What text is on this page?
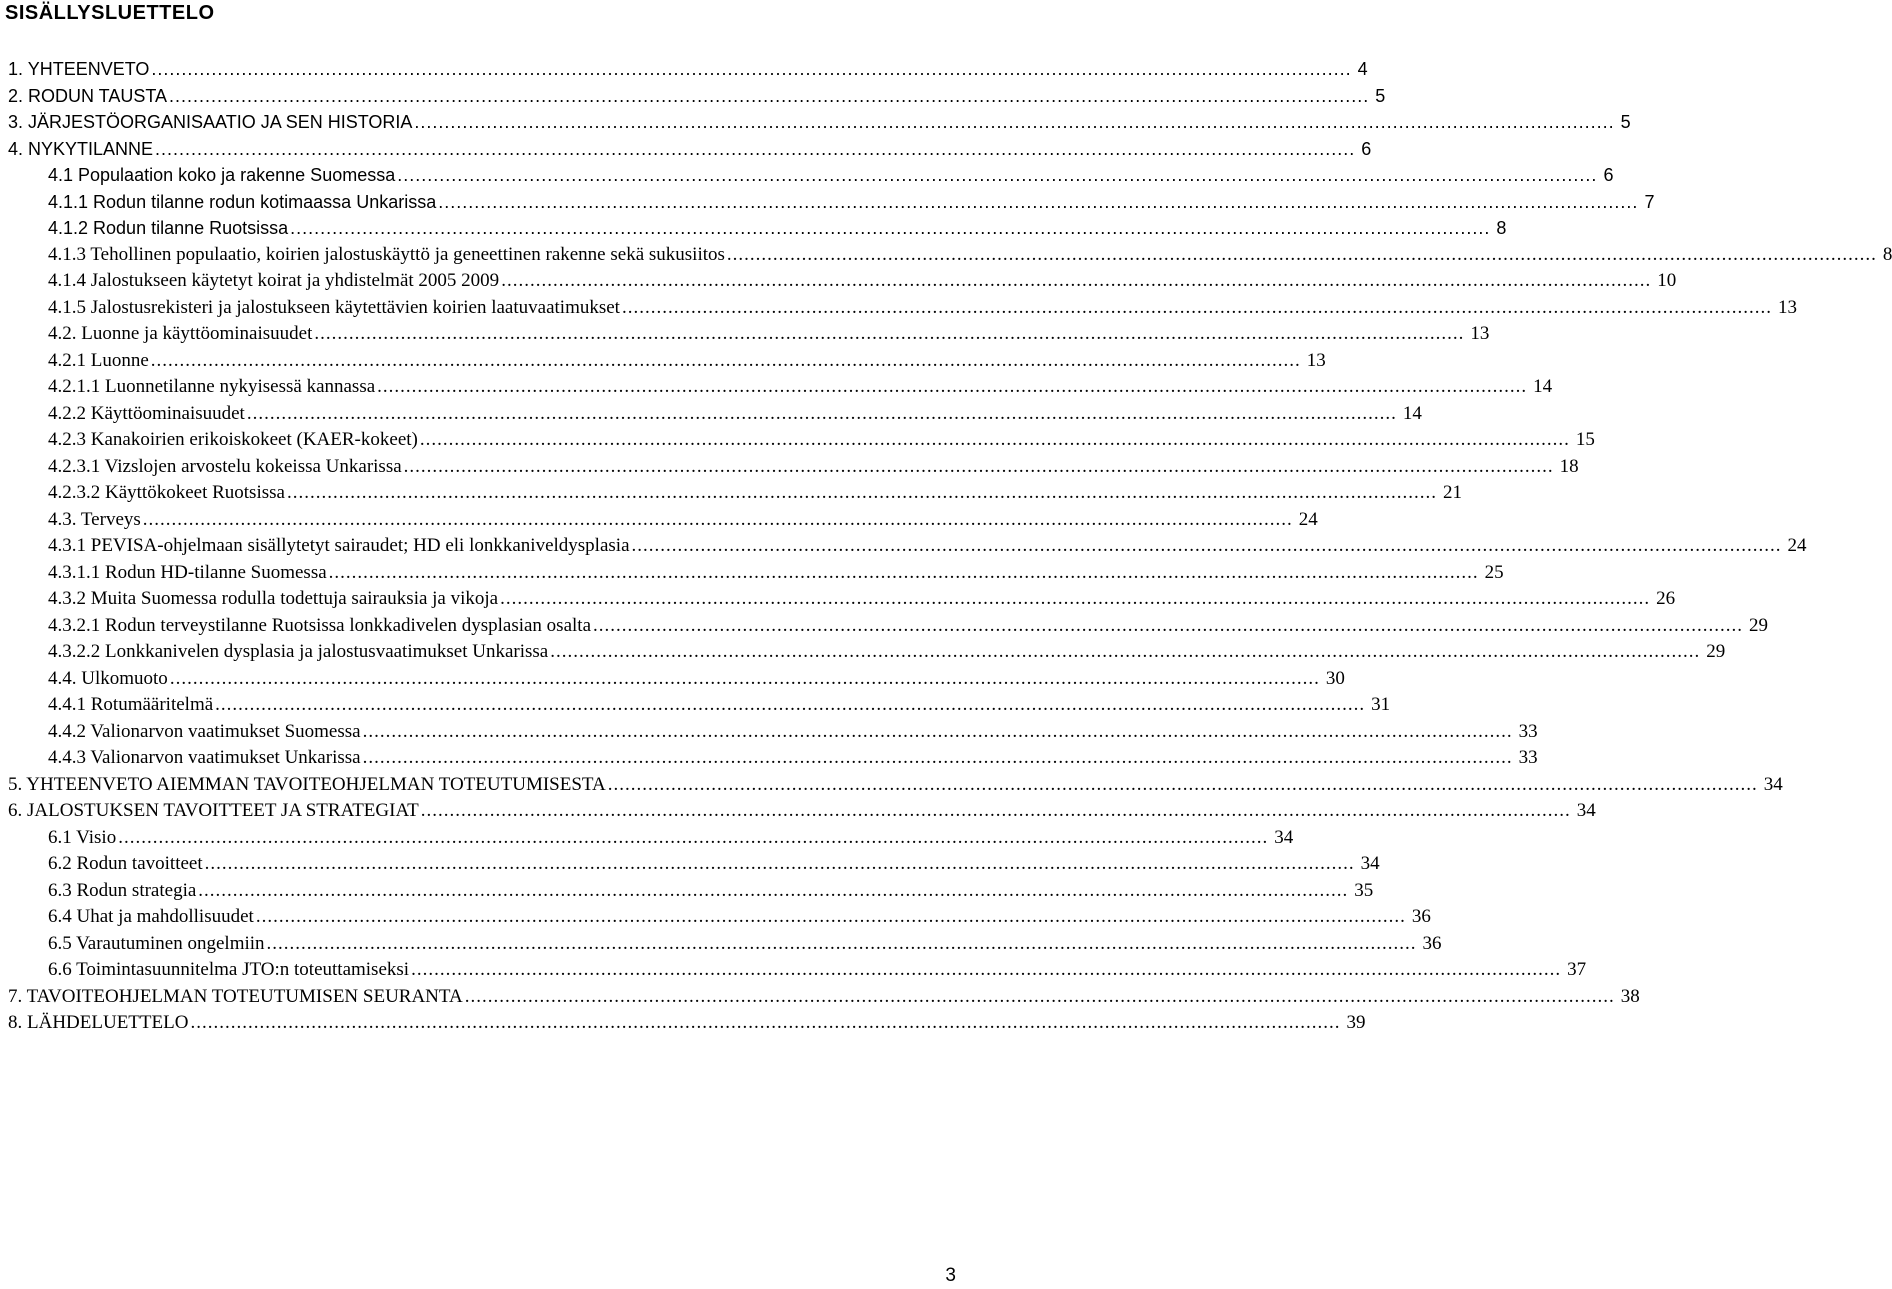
SISÄLLYSLUETTELO
1. YHTEENVETO ........................................................................................................................................................................................................ 4
2. RODUN TAUSTA ........................................................................................................................................................................................................ 5
3. JÄRJESTÖORGANISAATIO JA SEN HISTORIA ........................................................................................................................................................................................................ 5
4. NYKYTILANNE ........................................................................................................................................................................................................ 6
4.1 Populaation koko ja rakenne Suomessa ........................................................................................................................................................................................................ 6
4.1.1 Rodun tilanne rodun kotimaassa Unkarissa ........................................................................................................................................................................................................ 7
4.1.2 Rodun tilanne Ruotsissa ........................................................................................................................................................................................................ 8
4.1.3 Tehollinen populaatio, koirien jalostuskäyttö ja geneettinen rakenne sekä sukusiitos ........................................................................................................................................................................................................ 8
4.1.4 Jalostukseen käytetyt koirat ja yhdistelmät 2005 2009 ........................................................................................................................................................................................................ 10
4.1.5 Jalostusrekisteri ja jalostukseen käytettävien koirien laatuvaatimukset ........................................................................................................................................................................................................ 13
4.2. Luonne ja käyttöominaisuudet ........................................................................................................................................................................................................ 13
4.2.1 Luonne ........................................................................................................................................................................................................ 13
4.2.1.1 Luonnetilanne nykyisessä kannassa ........................................................................................................................................................................................................ 14
4.2.2 Käyttöominaisuudet ........................................................................................................................................................................................................ 14
4.2.3 Kanakoirien erikoiskokeet (KAER-kokeet) ........................................................................................................................................................................................................ 15
4.2.3.1 Vizslojen arvostelu kokeissa Unkarissa ........................................................................................................................................................................................................ 18
4.2.3.2 Käyttökokeet Ruotsissa ........................................................................................................................................................................................................ 21
4.3. Terveys ........................................................................................................................................................................................................ 24
4.3.1 PEVISA-ohjelmaan sisällytetyt sairaudet; HD eli lonkkaniveldysplasia ........................................................................................................................................................................................................ 24
4.3.1.1 Rodun HD-tilanne Suomessa ........................................................................................................................................................................................................ 25
4.3.2 Muita Suomessa rodulla todettuja sairauksia ja vikoja ........................................................................................................................................................................................................ 26
4.3.2.1 Rodun terveystilanne Ruotsissa lonkkadivelen dysplasian osalta ........................................................................................................................................................................................................ 29
4.3.2.2 Lonkkanivelen dysplasia ja jalostusvaatimukset Unkarissa ........................................................................................................................................................................................................ 29
4.4. Ulkomuoto ........................................................................................................................................................................................................ 30
4.4.1 Rotumääritelmä ........................................................................................................................................................................................................ 31
4.4.2 Valionarvon vaatimukset Suomessa ........................................................................................................................................................................................................ 33
4.4.3 Valionarvon vaatimukset Unkarissa ........................................................................................................................................................................................................ 33
5. YHTEENVETO AIEMMAN TAVOITEOHJELMAN TOTEUTUMISESTA ........................................................................................................................................................................................................ 34
6. JALOSTUKSEN TAVOITTEET JA STRATEGIAT ........................................................................................................................................................................................................ 34
6.1 Visio ........................................................................................................................................................................................................ 34
6.2 Rodun tavoitteet ........................................................................................................................................................................................................ 34
6.3 Rodun strategia ........................................................................................................................................................................................................ 35
6.4 Uhat ja mahdollisuudet ........................................................................................................................................................................................................ 36
6.5 Varautuminen ongelmiin ........................................................................................................................................................................................................ 36
6.6 Toimintasuunnitelma JTO:n toteuttamiseksi ........................................................................................................................................................................................................ 37
7. TAVOITEOHJELMAN TOTEUTUMISEN SEURANTA ........................................................................................................................................................................................................ 38
8. LÄHDELUETTELO ........................................................................................................................................................................................................ 39
3
